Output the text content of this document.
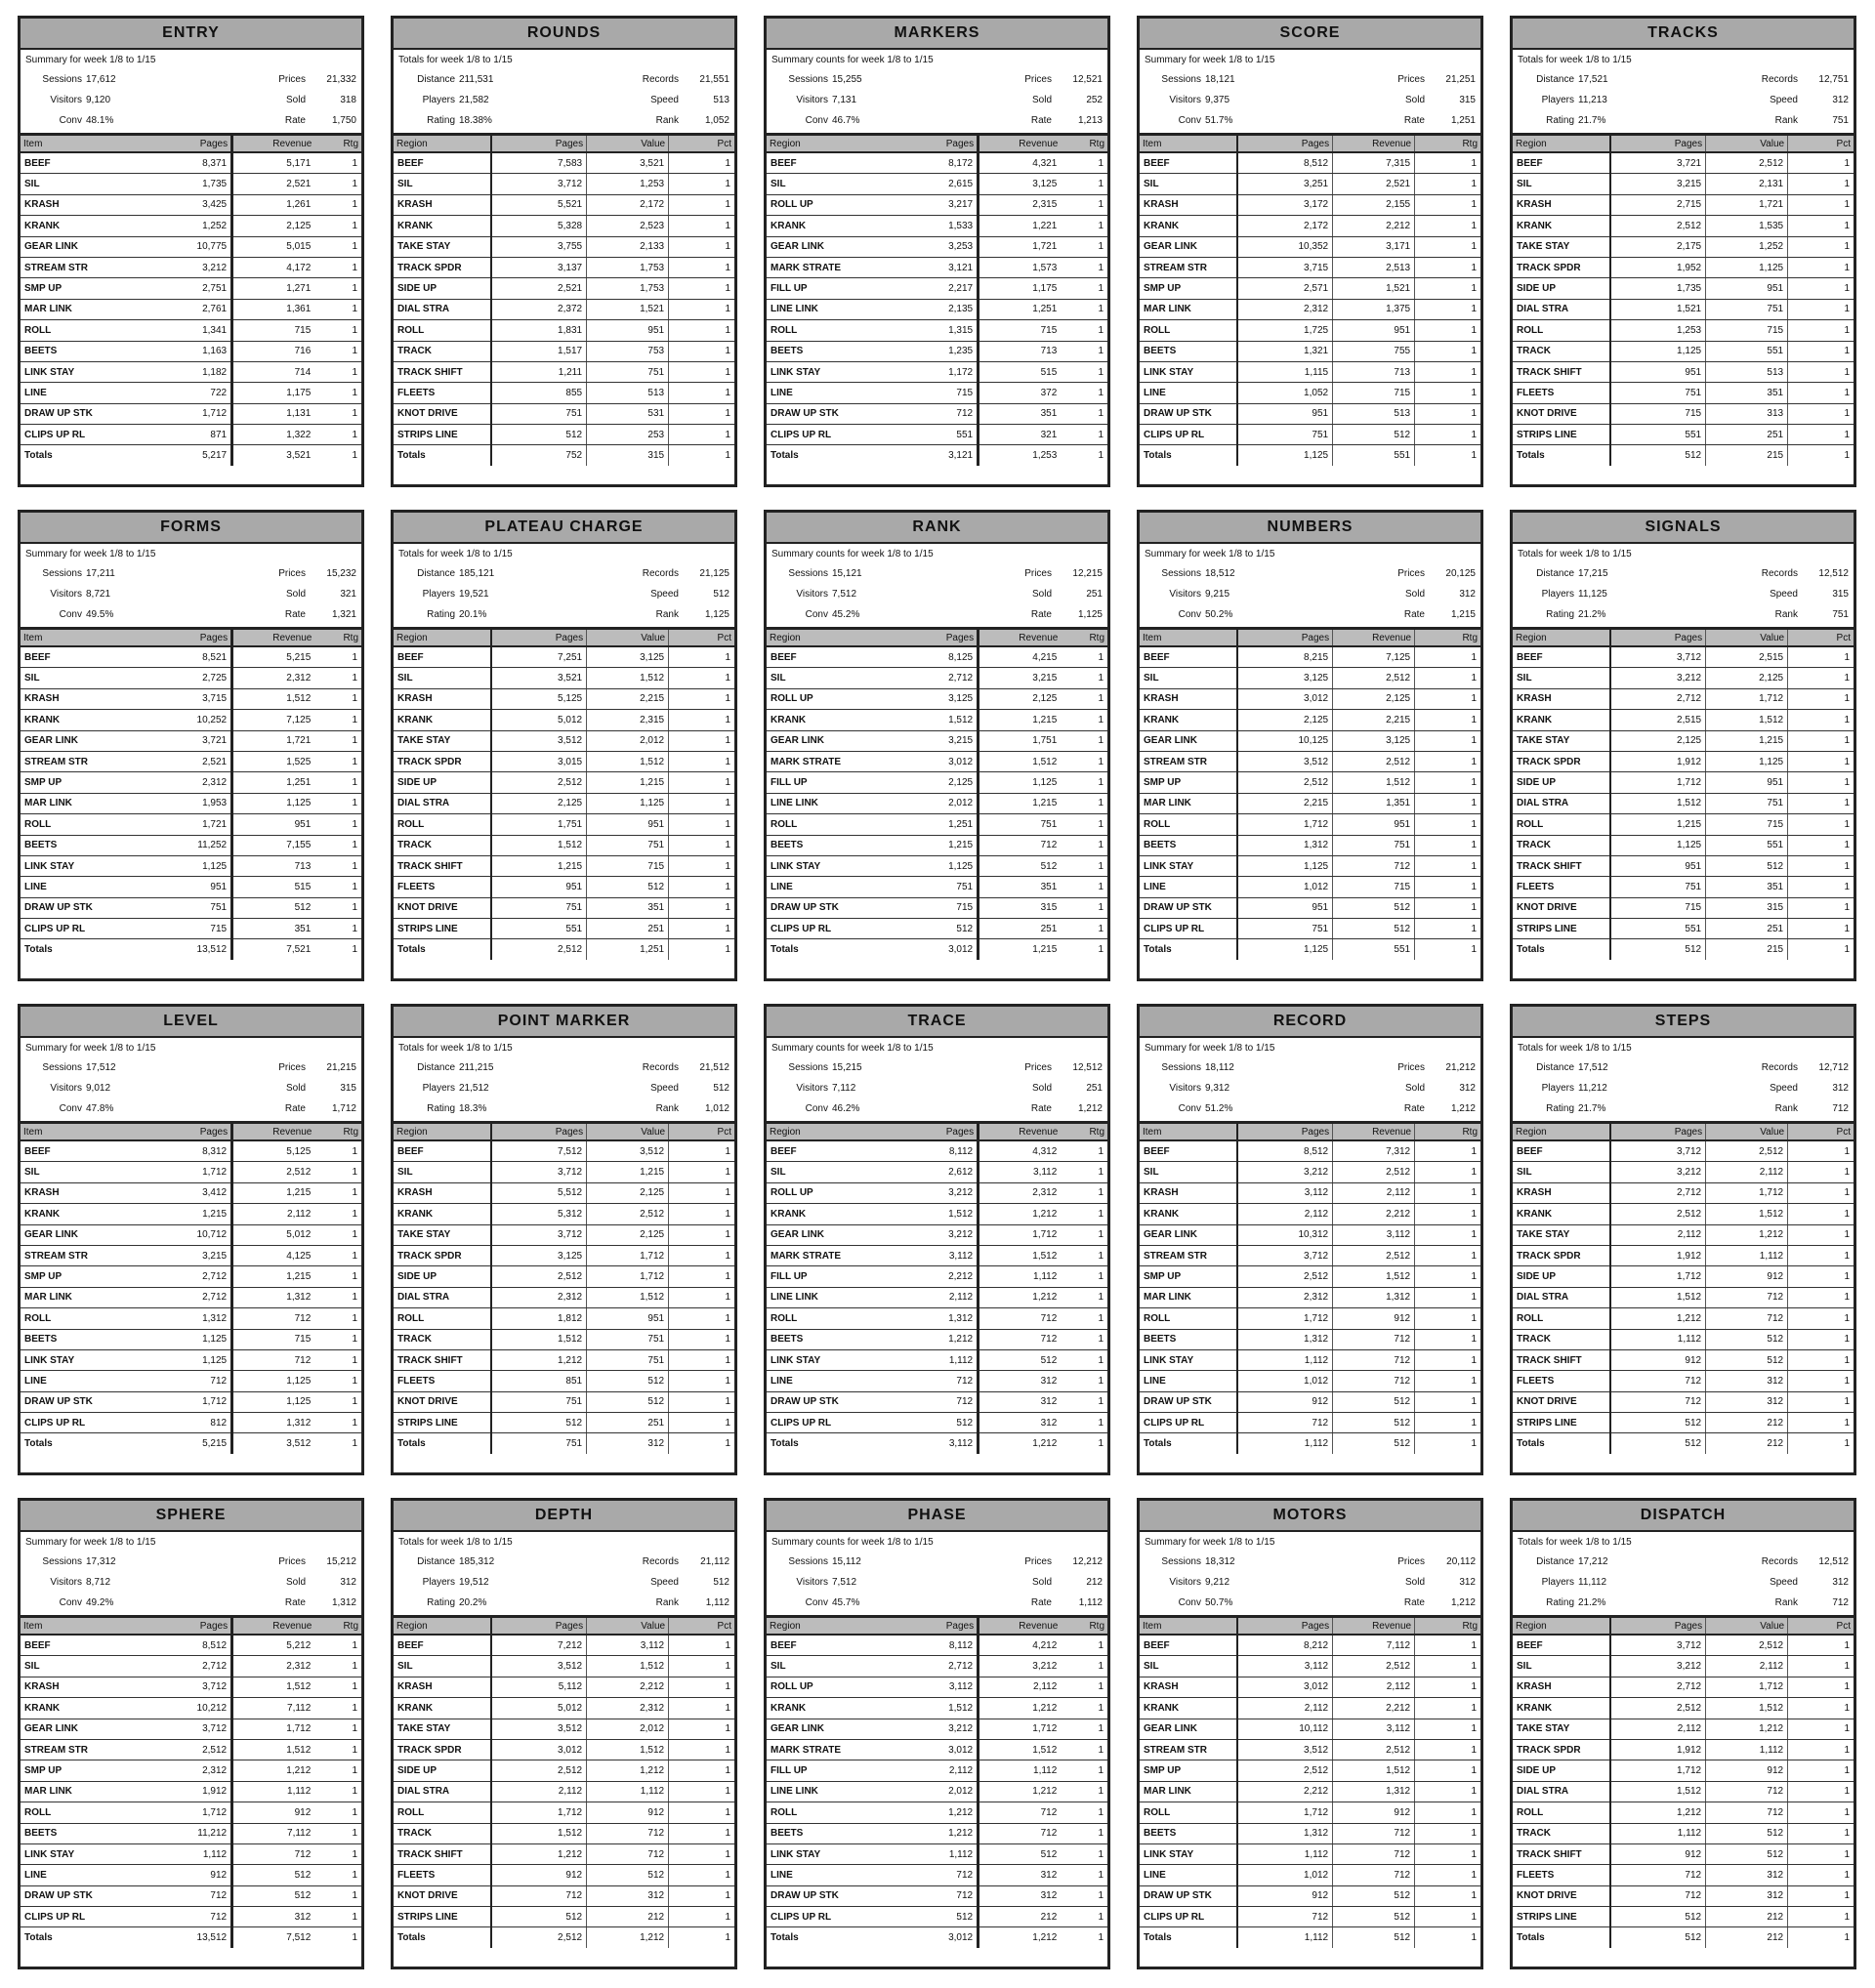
ENTRY
Summary for week 1/8 to 1/15
Sessions 17,612	Prices	21,332
Visitors 9,120	Sold	318
Conv 48.1%	Rate	1,750
Item	Pages	Revenue	Rtg
BEEF	8,371	5,171	1
SIL	1,735	2,521	1
KRASH	3,425	1,261	1
KRANK	1,252	2,125	1
GEAR LINK	10,775	5,015	1
STREAM STR	3,212	4,172	1
SMP UP	2,751	1,271	1
MAR LINK	2,761	1,361	1
ROLL	1,341	715	1
BEETS	1,163	716	1
LINK STAY	1,182	714	1
LINE	722	1,175	1
DRAW UP STK	1,712	1,131	1
CLIPS UP RL	871	1,322	1
Totals	5,217	3,521	1
ROUNDS
Totals for week 1/8 to 1/15
Distance 211,531	Records	21,551
Players 21,582	Speed	513
Rating 18.38%	Rank	1,052
Region	Pages	Value	Pct
BEEF	7,583	3,521	1
SIL	3,712	1,253	1
KRASH	5,521	2,172	1
KRANK	5,328	2,523	1
TAKE STAY	3,755	2,133	1
TRACK SPDR	3,137	1,753	1
SIDE UP	2,521	1,753	1
DIAL STRA	2,372	1,521	1
ROLL	1,831	951	1
TRACK	1,517	753	1
TRACK SHIFT	1,211	751	1
FLEETS	855	513	1
KNOT DRIVE	751	531	1
STRIPS LINE	512	253	1
Totals	752	315	1
MARKERS
Summary counts for week 1/8 to 1/15
Sessions 15,255	Prices	12,521
Visitors 7,131	Sold	252
Conv 46.7%	Rate	1,213
Region	Pages	Revenue	Rtg
BEEF	8,172	4,321	1
SIL	2,615	3,125	1
ROLL UP	3,217	2,315	1
KRANK	1,533	1,221	1
GEAR LINK	3,253	1,721	1
MARK STRATE	3,121	1,573	1
FILL UP	2,217	1,175	1
LINE LINK	2,135	1,251	1
ROLL	1,315	715	1
BEETS	1,235	713	1
LINK STAY	1,172	515	1
LINE	715	372	1
DRAW UP STK	712	351	1
CLIPS UP RL	551	321	1
Totals	3,121	1,253	1
SCORE
Summary for week 1/8 to 1/15
Sessions 18,121	Prices	21,251
Visitors 9,375	Sold	315
Conv 51.7%	Rate	1,251
Item	Pages	Revenue	Rtg
BEEF	8,512	7,315	1
SIL	3,251	2,521	1
KRASH	3,172	2,155	1
KRANK	2,172	2,212	1
GEAR LINK	10,352	3,171	1
STREAM STR	3,715	2,513	1
SMP UP	2,571	1,521	1
MAR LINK	2,312	1,375	1
ROLL	1,725	951	1
BEETS	1,321	755	1
LINK STAY	1,115	713	1
LINE	1,052	715	1
DRAW UP STK	951	513	1
CLIPS UP RL	751	512	1
Totals	1,125	551	1
TRACKS
Totals for week 1/8 to 1/15
Distance 17,521	Records	12,751
Players 11,213	Speed	312
Rating 21.7%	Rank	751
Region	Pages	Value	Pct
BEEF	3,721	2,512	1
SIL	3,215	2,131	1
KRASH	2,715	1,721	1
KRANK	2,512	1,535	1
TAKE STAY	2,175	1,252	1
TRACK SPDR	1,952	1,125	1
SIDE UP	1,735	951	1
DIAL STRA	1,521	751	1
ROLL	1,253	715	1
TRACK	1,125	551	1
TRACK SHIFT	951	513	1
FLEETS	751	351	1
KNOT DRIVE	715	313	1
STRIPS LINE	551	251	1
Totals	512	215	1
FORMS
Summary for week 1/8 to 1/15
Sessions 17,211	Prices	15,232
Visitors 8,721	Sold	321
Conv 49.5%	Rate	1,321
Item	Pages	Revenue	Rtg
BEEF	8,521	5,215	1
SIL	2,725	2,312	1
KRASH	3,715	1,512	1
KRANK	10,252	7,125	1
GEAR LINK	3,721	1,721	1
STREAM STR	2,521	1,525	1
SMP UP	2,312	1,251	1
MAR LINK	1,953	1,125	1
ROLL	1,721	951	1
BEETS	11,252	7,155	1
LINK STAY	1,125	713	1
LINE	951	515	1
DRAW UP STK	751	512	1
CLIPS UP RL	715	351	1
Totals	13,512	7,521	1
PLATEAU CHARGE
Totals for week 1/8 to 1/15
Distance 185,121	Records	21,125
Players 19,521	Speed	512
Rating 20.1%	Rank	1,125
Region	Pages	Value	Pct
BEEF	7,251	3,125	1
SIL	3,521	1,512	1
KRASH	5,125	2,215	1
KRANK	5,012	2,315	1
TAKE STAY	3,512	2,012	1
TRACK SPDR	3,015	1,512	1
SIDE UP	2,512	1,215	1
DIAL STRA	2,125	1,125	1
ROLL	1,751	951	1
TRACK	1,512	751	1
TRACK SHIFT	1,215	715	1
FLEETS	951	512	1
KNOT DRIVE	751	351	1
STRIPS LINE	551	251	1
Totals	2,512	1,251	1
RANK
Summary counts for week 1/8 to 1/15
Sessions 15,121	Prices	12,215
Visitors 7,512	Sold	251
Conv 45.2%	Rate	1,125
Region	Pages	Revenue	Rtg
BEEF	8,125	4,215	1
SIL	2,712	3,215	1
ROLL UP	3,125	2,125	1
KRANK	1,512	1,215	1
GEAR LINK	3,215	1,751	1
MARK STRATE	3,012	1,512	1
FILL UP	2,125	1,125	1
LINE LINK	2,012	1,215	1
ROLL	1,251	751	1
BEETS	1,215	712	1
LINK STAY	1,125	512	1
LINE	751	351	1
DRAW UP STK	715	315	1
CLIPS UP RL	512	251	1
Totals	3,012	1,215	1
NUMBERS
Summary for week 1/8 to 1/15
Sessions 18,512	Prices	20,125
Visitors 9,215	Sold	312
Conv 50.2%	Rate	1,215
Item	Pages	Revenue	Rtg
BEEF	8,215	7,125	1
SIL	3,125	2,512	1
KRASH	3,012	2,125	1
KRANK	2,125	2,215	1
GEAR LINK	10,125	3,125	1
STREAM STR	3,512	2,512	1
SMP UP	2,512	1,512	1
MAR LINK	2,215	1,351	1
ROLL	1,712	951	1
BEETS	1,312	751	1
LINK STAY	1,125	712	1
LINE	1,012	715	1
DRAW UP STK	951	512	1
CLIPS UP RL	751	512	1
Totals	1,125	551	1
SIGNALS
Totals for week 1/8 to 1/15
Distance 17,215	Records	12,512
Players 11,125	Speed	315
Rating 21.2%	Rank	751
Region	Pages	Value	Pct
BEEF	3,712	2,515	1
SIL	3,212	2,125	1
KRASH	2,712	1,712	1
KRANK	2,515	1,512	1
TAKE STAY	2,125	1,215	1
TRACK SPDR	1,912	1,125	1
SIDE UP	1,712	951	1
DIAL STRA	1,512	751	1
ROLL	1,215	715	1
TRACK	1,125	551	1
TRACK SHIFT	951	512	1
FLEETS	751	351	1
KNOT DRIVE	715	315	1
STRIPS LINE	551	251	1
Totals	512	215	1
LEVEL
Summary for week 1/8 to 1/15
Sessions 17,512	Prices	21,215
Visitors 9,012	Sold	315
Conv 47.8%	Rate	1,712
Item	Pages	Revenue	Rtg
BEEF	8,312	5,125	1
SIL	1,712	2,512	1
KRASH	3,412	1,215	1
KRANK	1,215	2,112	1
GEAR LINK	10,712	5,012	1
STREAM STR	3,215	4,125	1
SMP UP	2,712	1,215	1
MAR LINK	2,712	1,312	1
ROLL	1,312	712	1
BEETS	1,125	715	1
LINK STAY	1,125	712	1
LINE	712	1,125	1
DRAW UP STK	1,712	1,125	1
CLIPS UP RL	812	1,312	1
Totals	5,215	3,512	1
POINT MARKER
Totals for week 1/8 to 1/15
Distance 211,215	Records	21,512
Players 21,512	Speed	512
Rating 18.3%	Rank	1,012
Region	Pages	Value	Pct
BEEF	7,512	3,512	1
SIL	3,712	1,215	1
KRASH	5,512	2,125	1
KRANK	5,312	2,512	1
TAKE STAY	3,712	2,125	1
TRACK SPDR	3,125	1,712	1
SIDE UP	2,512	1,712	1
DIAL STRA	2,312	1,512	1
ROLL	1,812	951	1
TRACK	1,512	751	1
TRACK SHIFT	1,212	751	1
FLEETS	851	512	1
KNOT DRIVE	751	512	1
STRIPS LINE	512	251	1
Totals	751	312	1
TRACE
Summary counts for week 1/8 to 1/15
Sessions 15,215	Prices	12,512
Visitors 7,112	Sold	251
Conv 46.2%	Rate	1,212
Region	Pages	Revenue	Rtg
BEEF	8,112	4,312	1
SIL	2,612	3,112	1
ROLL UP	3,212	2,312	1
KRANK	1,512	1,212	1
GEAR LINK	3,212	1,712	1
MARK STRATE	3,112	1,512	1
FILL UP	2,212	1,112	1
LINE LINK	2,112	1,212	1
ROLL	1,312	712	1
BEETS	1,212	712	1
LINK STAY	1,112	512	1
LINE	712	312	1
DRAW UP STK	712	312	1
CLIPS UP RL	512	312	1
Totals	3,112	1,212	1
RECORD
Summary for week 1/8 to 1/15
Sessions 18,112	Prices	21,212
Visitors 9,312	Sold	312
Conv 51.2%	Rate	1,212
Item	Pages	Revenue	Rtg
BEEF	8,512	7,312	1
SIL	3,212	2,512	1
KRASH	3,112	2,112	1
KRANK	2,112	2,212	1
GEAR LINK	10,312	3,112	1
STREAM STR	3,712	2,512	1
SMP UP	2,512	1,512	1
MAR LINK	2,312	1,312	1
ROLL	1,712	912	1
BEETS	1,312	712	1
LINK STAY	1,112	712	1
LINE	1,012	712	1
DRAW UP STK	912	512	1
CLIPS UP RL	712	512	1
Totals	1,112	512	1
STEPS
Totals for week 1/8 to 1/15
Distance 17,512	Records	12,712
Players 11,212	Speed	312
Rating 21.7%	Rank	712
Region	Pages	Value	Pct
BEEF	3,712	2,512	1
SIL	3,212	2,112	1
KRASH	2,712	1,712	1
KRANK	2,512	1,512	1
TAKE STAY	2,112	1,212	1
TRACK SPDR	1,912	1,112	1
SIDE UP	1,712	912	1
DIAL STRA	1,512	712	1
ROLL	1,212	712	1
TRACK	1,112	512	1
TRACK SHIFT	912	512	1
FLEETS	712	312	1
KNOT DRIVE	712	312	1
STRIPS LINE	512	212	1
Totals	512	212	1
SPHERE
Summary for week 1/8 to 1/15
Sessions 17,312	Prices	15,212
Visitors 8,712	Sold	312
Conv 49.2%	Rate	1,312
Item	Pages	Revenue	Rtg
BEEF	8,512	5,212	1
SIL	2,712	2,312	1
KRASH	3,712	1,512	1
KRANK	10,212	7,112	1
GEAR LINK	3,712	1,712	1
STREAM STR	2,512	1,512	1
SMP UP	2,312	1,212	1
MAR LINK	1,912	1,112	1
ROLL	1,712	912	1
BEETS	11,212	7,112	1
LINK STAY	1,112	712	1
LINE	912	512	1
DRAW UP STK	712	512	1
CLIPS UP RL	712	312	1
Totals	13,512	7,512	1
DEPTH
Totals for week 1/8 to 1/15
Distance 185,312	Records	21,112
Players 19,512	Speed	512
Rating 20.2%	Rank	1,112
Region	Pages	Value	Pct
BEEF	7,212	3,112	1
SIL	3,512	1,512	1
KRASH	5,112	2,212	1
KRANK	5,012	2,312	1
TAKE STAY	3,512	2,012	1
TRACK SPDR	3,012	1,512	1
SIDE UP	2,512	1,212	1
DIAL STRA	2,112	1,112	1
ROLL	1,712	912	1
TRACK	1,512	712	1
TRACK SHIFT	1,212	712	1
FLEETS	912	512	1
KNOT DRIVE	712	312	1
STRIPS LINE	512	212	1
Totals	2,512	1,212	1
PHASE
Summary counts for week 1/8 to 1/15
Sessions 15,112	Prices	12,212
Visitors 7,512	Sold	212
Conv 45.7%	Rate	1,112
Region	Pages	Revenue	Rtg
BEEF	8,112	4,212	1
SIL	2,712	3,212	1
ROLL UP	3,112	2,112	1
KRANK	1,512	1,212	1
GEAR LINK	3,212	1,712	1
MARK STRATE	3,012	1,512	1
FILL UP	2,112	1,112	1
LINE LINK	2,012	1,212	1
ROLL	1,212	712	1
BEETS	1,212	712	1
LINK STAY	1,112	512	1
LINE	712	312	1
DRAW UP STK	712	312	1
CLIPS UP RL	512	212	1
Totals	3,012	1,212	1
MOTORS
Summary for week 1/8 to 1/15
Sessions 18,312	Prices	20,112
Visitors 9,212	Sold	312
Conv 50.7%	Rate	1,212
Item	Pages	Revenue	Rtg
BEEF	8,212	7,112	1
SIL	3,112	2,512	1
KRASH	3,012	2,112	1
KRANK	2,112	2,212	1
GEAR LINK	10,112	3,112	1
STREAM STR	3,512	2,512	1
SMP UP	2,512	1,512	1
MAR LINK	2,212	1,312	1
ROLL	1,712	912	1
BEETS	1,312	712	1
LINK STAY	1,112	712	1
LINE	1,012	712	1
DRAW UP STK	912	512	1
CLIPS UP RL	712	512	1
Totals	1,112	512	1
DISPATCH
Totals for week 1/8 to 1/15
Distance 17,212	Records	12,512
Players 11,112	Speed	312
Rating 21.2%	Rank	712
Region	Pages	Value	Pct
BEEF	3,712	2,512	1
SIL	3,212	2,112	1
KRASH	2,712	1,712	1
KRANK	2,512	1,512	1
TAKE STAY	2,112	1,212	1
TRACK SPDR	1,912	1,112	1
SIDE UP	1,712	912	1
DIAL STRA	1,512	712	1
ROLL	1,212	712	1
TRACK	1,112	512	1
TRACK SHIFT	912	512	1
FLEETS	712	312	1
KNOT DRIVE	712	312	1
STRIPS LINE	512	212	1
Totals	512	212	1
